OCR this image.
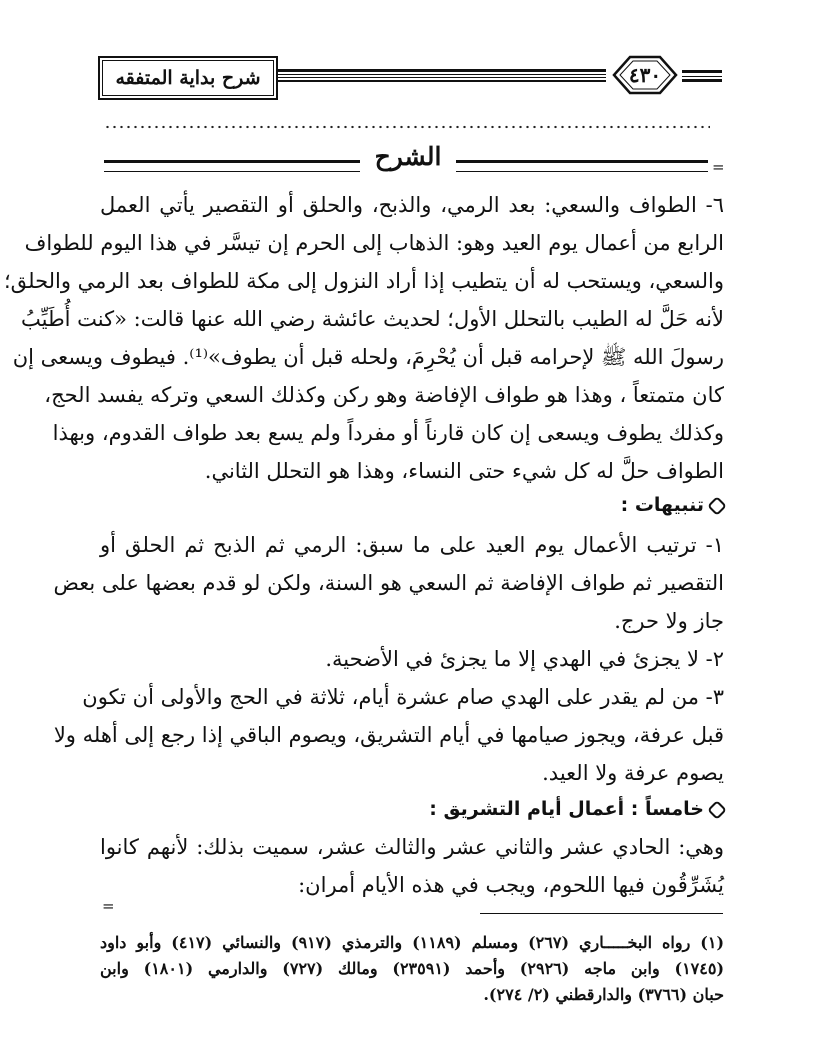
شرح بداية المتفقه	٤٣٠
الشرح	=
٦- الطواف والسعي: بعد الرمي، والذبح، والحلق أو التقصير يأتي العمل
الرابع من أعمال يوم العيد وهو: الذهاب إلى الحرم إن تيسَّر في هذا اليوم للطواف
والسعي، ويستحب له أن يتطيب إذا أراد النزول إلى مكة للطواف بعد الرمي والحلق؛
لأنه حَلَّ له الطيب بالتحلل الأول؛ لحديث عائشة رضي الله عنها قالت: «كنت أُطَيِّبُ
رسولَ الله ﷺ لإحرامه قبل أن يُحْرِمَ، ولحله قبل أن يطوف»⁽¹⁾. فيطوف ويسعى إن
كان متمتعاً ، وهذا هو طواف الإفاضة وهو ركن وكذلك السعي وتركه يفسد الحج،
وكذلك يطوف ويسعى إن كان قارناً أو مفرداً ولم يسع بعد طواف القدوم، وبهذا
الطواف حلَّ له كل شيء حتى النساء، وهذا هو التحلل الثاني.
تنبيهات :
١- ترتيب الأعمال يوم العيد على ما سبق: الرمي ثم الذبح ثم الحلق أو
التقصير ثم طواف الإفاضة ثم السعي هو السنة، ولكن لو قدم بعضها على بعض
جاز ولا حرج.
٢- لا يجزئ في الهدي إلا ما يجزئ في الأضحية.
٣- من لم يقدر على الهدي صام عشرة أيام، ثلاثة في الحج والأولى أن تكون
قبل عرفة، ويجوز صيامها في أيام التشريق، ويصوم الباقي إذا رجع إلى أهله ولا
يصوم عرفة ولا العيد.
خامساً : أعمال أيام التشريق :
وهي: الحادي عشر والثاني عشر والثالث عشر، سميت بذلك: لأنهم كانوا
يُشَرِّقُون فيها اللحوم، ويجب في هذه الأيام أمران:
=
(١) رواه البخـــــاري (٢٦٧) ومسلم (١١٨٩) والترمذي (٩١٧) والنسائي (٤١٧) وأبو داود
(١٧٤٥) وابن ماجه (٢٩٢٦) وأحمد (٢٣٥٩١) ومالك (٧٢٧) والدارمي (١٨٠١) وابن
حبان (٣٧٦٦) والدارقطني (٢/ ٢٧٤).
